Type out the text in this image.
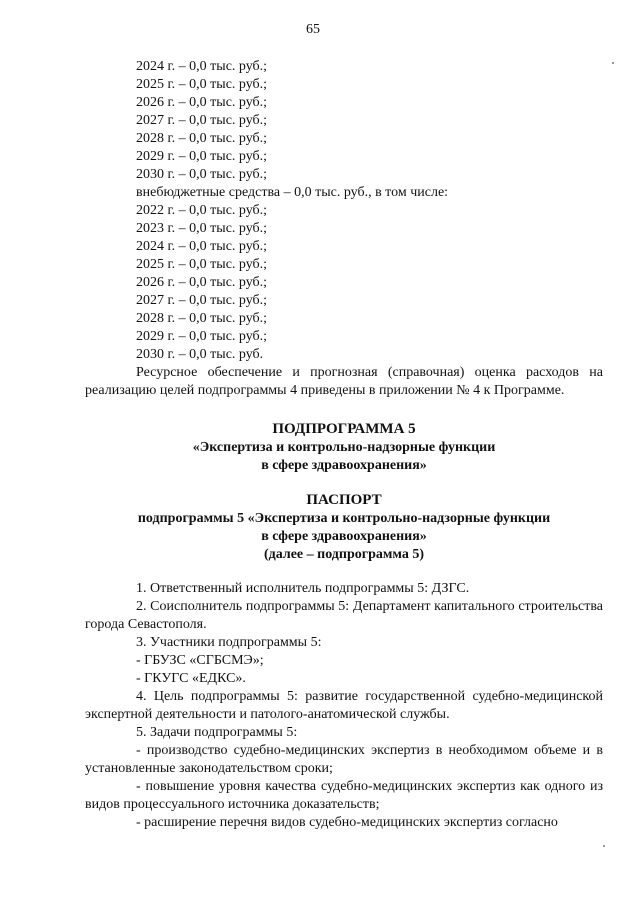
65
2024 г. – 0,0 тыс. руб.;
2025 г. – 0,0 тыс. руб.;
2026 г. – 0,0 тыс. руб.;
2027 г. – 0,0 тыс. руб.;
2028 г. – 0,0 тыс. руб.;
2029 г. – 0,0 тыс. руб.;
2030 г. – 0,0 тыс. руб.;
внебюджетные средства – 0,0 тыс. руб., в том числе:
2022 г. – 0,0 тыс. руб.;
2023 г. – 0,0 тыс. руб.;
2024 г. – 0,0 тыс. руб.;
2025 г. – 0,0 тыс. руб.;
2026 г. – 0,0 тыс. руб.;
2027 г. – 0,0 тыс. руб.;
2028 г. – 0,0 тыс. руб.;
2029 г. – 0,0 тыс. руб.;
2030 г. – 0,0 тыс. руб.

Ресурсное обеспечение и прогнозная (справочная) оценка расходов на реализацию целей подпрограммы 4 приведены в приложении № 4 к Программе.

ПОДПРОГРАММА 5
«Экспертиза и контрольно-надзорные функции
в сфере здравоохранения»
ПАСПОРТ
подпрограммы 5 «Экспертиза и контрольно-надзорные функции
в сфере здравоохранения»
(далее – подпрограмма 5)
1. Ответственный исполнитель подпрограммы 5: ДЗГС.

2. Соисполнитель подпрограммы 5: Департамент капитального строительства города Севастополя.

3. Участники подпрограммы 5:
- ГБУЗС «СГБСМЭ»;
- ГКУГС «ЕДКС».

4. Цель подпрограммы 5: развитие государственной судебно-медицинской экспертной деятельности и патолого-анатомической службы.

5. Задачи подпрограммы 5:

- производство судебно-медицинских экспертиз в необходимом объеме и в установленные законодательством сроки;

- повышение уровня качества судебно-медицинских экспертиз как одного из видов процессуального источника доказательств;

- расширение перечня видов судебно-медицинских экспертиз согласно
